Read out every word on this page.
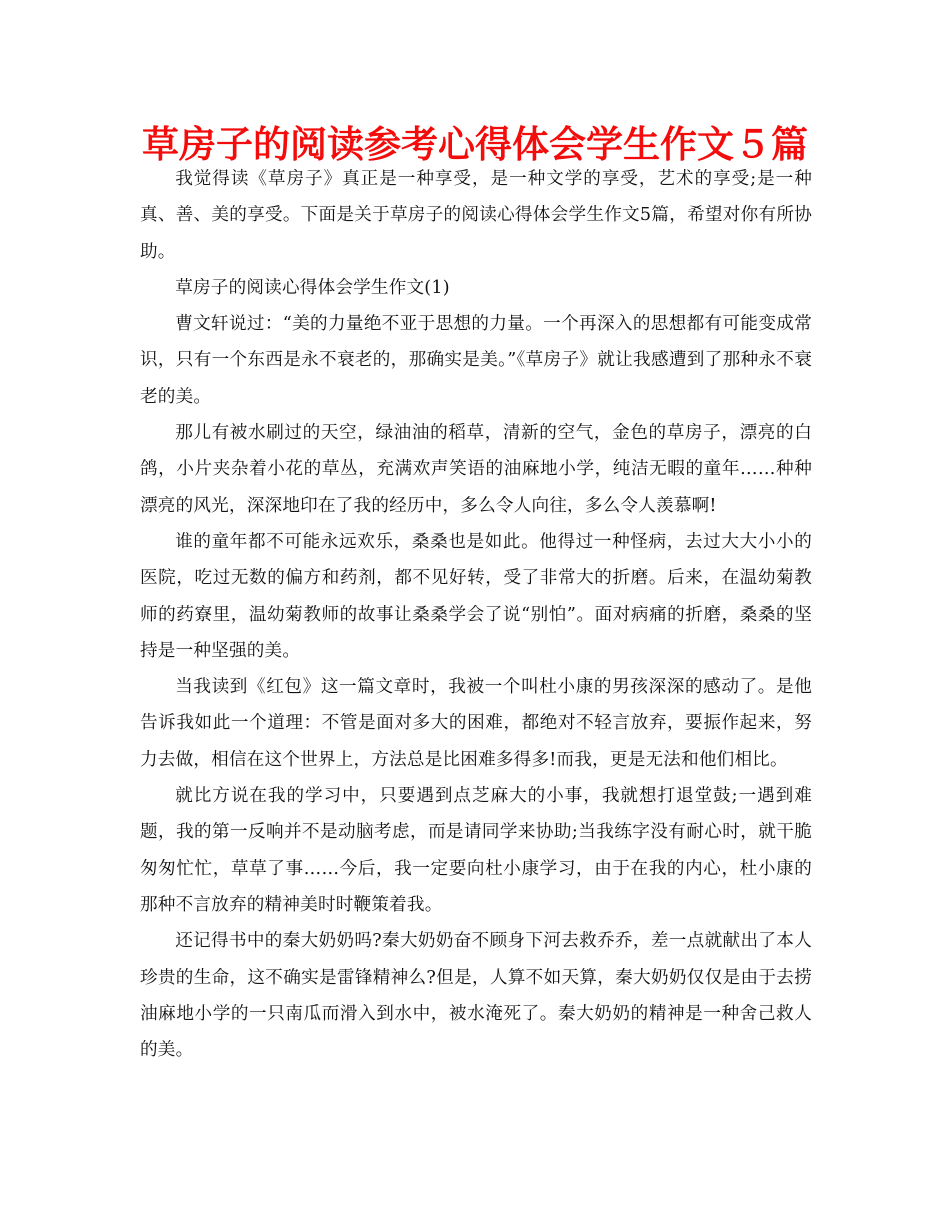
草房子的阅读参考心得体会学生作文５篇

我觉得读《草房子》真正是一种享受，是一种文学的享受，艺术的享受;是一种真、善、美的享受。下面是关于草房子的阅读心得体会学生作文5篇，希望对你有所协助。

草房子的阅读心得体会学生作文(1)

曹文轩说过：“美的力量绝不亚于思想的力量。一个再深入的思想都有可能变成常识，只有一个东西是永不衰老的，那确实是美。”《草房子》就让我感遭到了那种永不衰老的美。

那儿有被水刷过的天空，绿油油的稻草，清新的空气，金色的草房子，漂亮的白鸽，小片夹杂着小花的草丛，充满欢声笑语的油麻地小学，纯洁无暇的童年……种种漂亮的风光，深深地印在了我的经历中，多么令人向往，多么令人羡慕啊!

谁的童年都不可能永远欢乐，桑桑也是如此。他得过一种怪病，去过大大小小的医院，吃过无数的偏方和药剂，都不见好转，受了非常大的折磨。后来，在温幼菊教师的药寮里，温幼菊教师的故事让桑桑学会了说“别怕”。面对病痛的折磨，桑桑的坚持是一种坚强的美。

当我读到《红包》这一篇文章时，我被一个叫杜小康的男孩深深的感动了。是他告诉我如此一个道理：不管是面对多大的困难，都绝对不轻言放弃，要振作起来，努力去做，相信在这个世界上，方法总是比困难多得多!而我，更是无法和他们相比。

就比方说在我的学习中，只要遇到点芝麻大的小事，我就想打退堂鼓;一遇到难题，我的第一反响并不是动脑考虑，而是请同学来协助;当我练字没有耐心时，就干脆匆匆忙忙，草草了事……今后，我一定要向杜小康学习，由于在我的内心，杜小康的那种不言放弃的精神美时时鞭策着我。

还记得书中的秦大奶奶吗?秦大奶奶奋不顾身下河去救乔乔，差一点就献出了本人珍贵的生命，这不确实是雷锋精神么?但是，人算不如天算，秦大奶奶仅仅是由于去捞油麻地小学的一只南瓜而滑入到水中，被水淹死了。秦大奶奶的精神是一种舍己救人的美。
